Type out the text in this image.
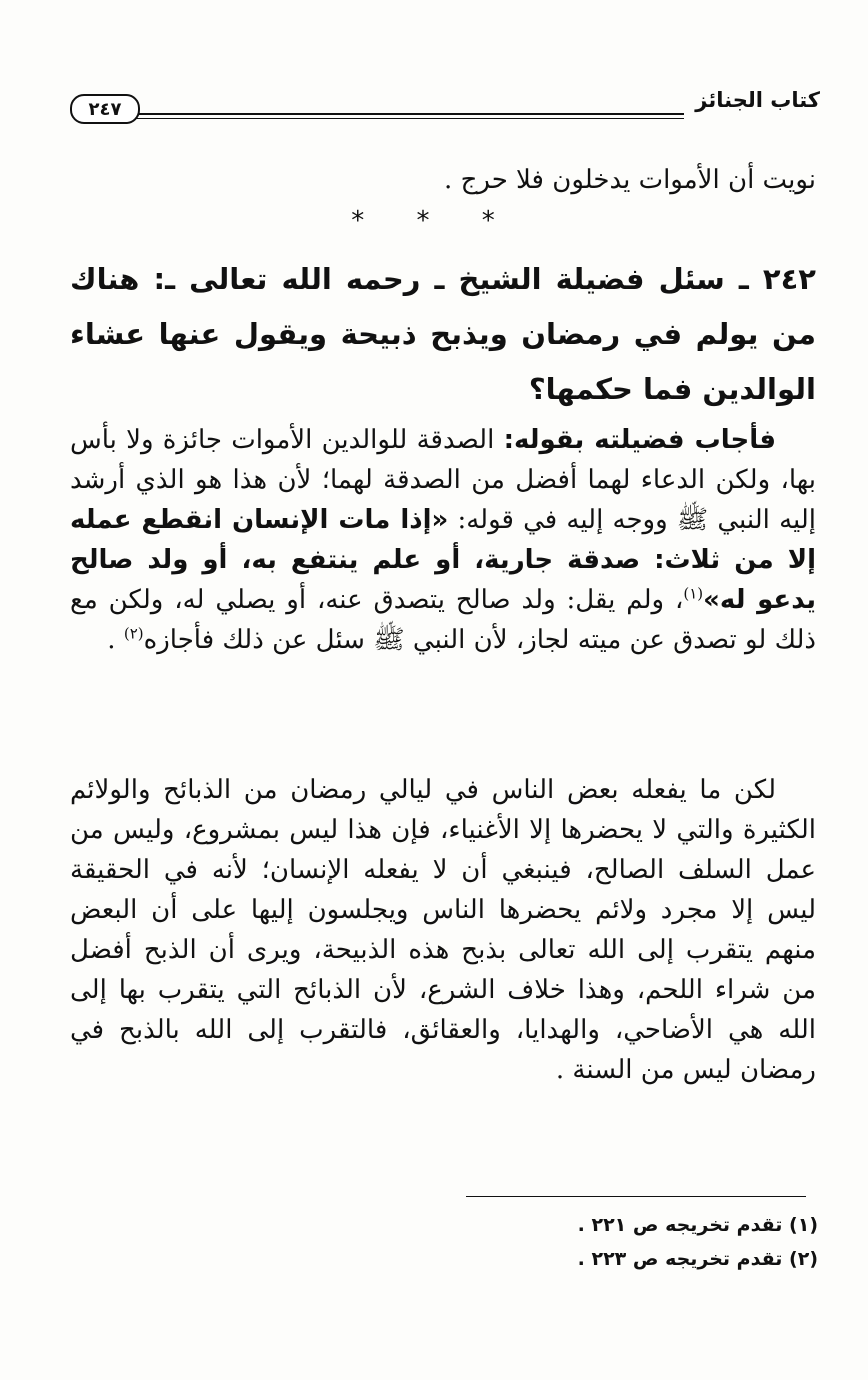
كتاب الجنائز
٢٤٧
نويت أن الأموات يدخلون فلا حرج .
* * *
٢٤٢ ـ سئل فضيلة الشيخ ـ رحمه الله تعالى ـ: هناك من يولم في رمضان ويذبح ذبيحة ويقول عنها عشاء الوالدين فما حكمها؟
فأجاب فضيلته بقوله: الصدقة للوالدين الأموات جائزة ولا بأس بها، ولكن الدعاء لهما أفضل من الصدقة لهما؛ لأن هذا هو الذي أرشد إليه النبي ﷺ ووجه إليه في قوله: «إذا مات الإنسان انقطع عمله إلا من ثلاث: صدقة جارية، أو علم ينتفع به، أو ولد صالح يدعو له»$^{(١)}$، ولم يقل: ولد صالح يتصدق عنه، أو يصلي له، ولكن مع ذلك لو تصدق عن ميته لجاز، لأن النبي ﷺ سئل عن ذلك فأجازه$^{(٢)}$ .
لكن ما يفعله بعض الناس في ليالي رمضان من الذبائح والولائم الكثيرة والتي لا يحضرها إلا الأغنياء، فإن هذا ليس بمشروع، وليس من عمل السلف الصالح، فينبغي أن لا يفعله الإنسان؛ لأنه في الحقيقة ليس إلا مجرد ولائم يحضرها الناس ويجلسون إليها على أن البعض منهم يتقرب إلى الله تعالى بذبح هذه الذبيحة، ويرى أن الذبح أفضل من شراء اللحم، وهذا خلاف الشرع، لأن الذبائح التي يتقرب بها إلى الله هي الأضاحي، والهدايا، والعقائق، فالتقرب إلى الله بالذبح في رمضان ليس من السنة .
(١) تقدم تخريجه ص ٢٢١ .
(٢) تقدم تخريجه ص ٢٢٣ .
